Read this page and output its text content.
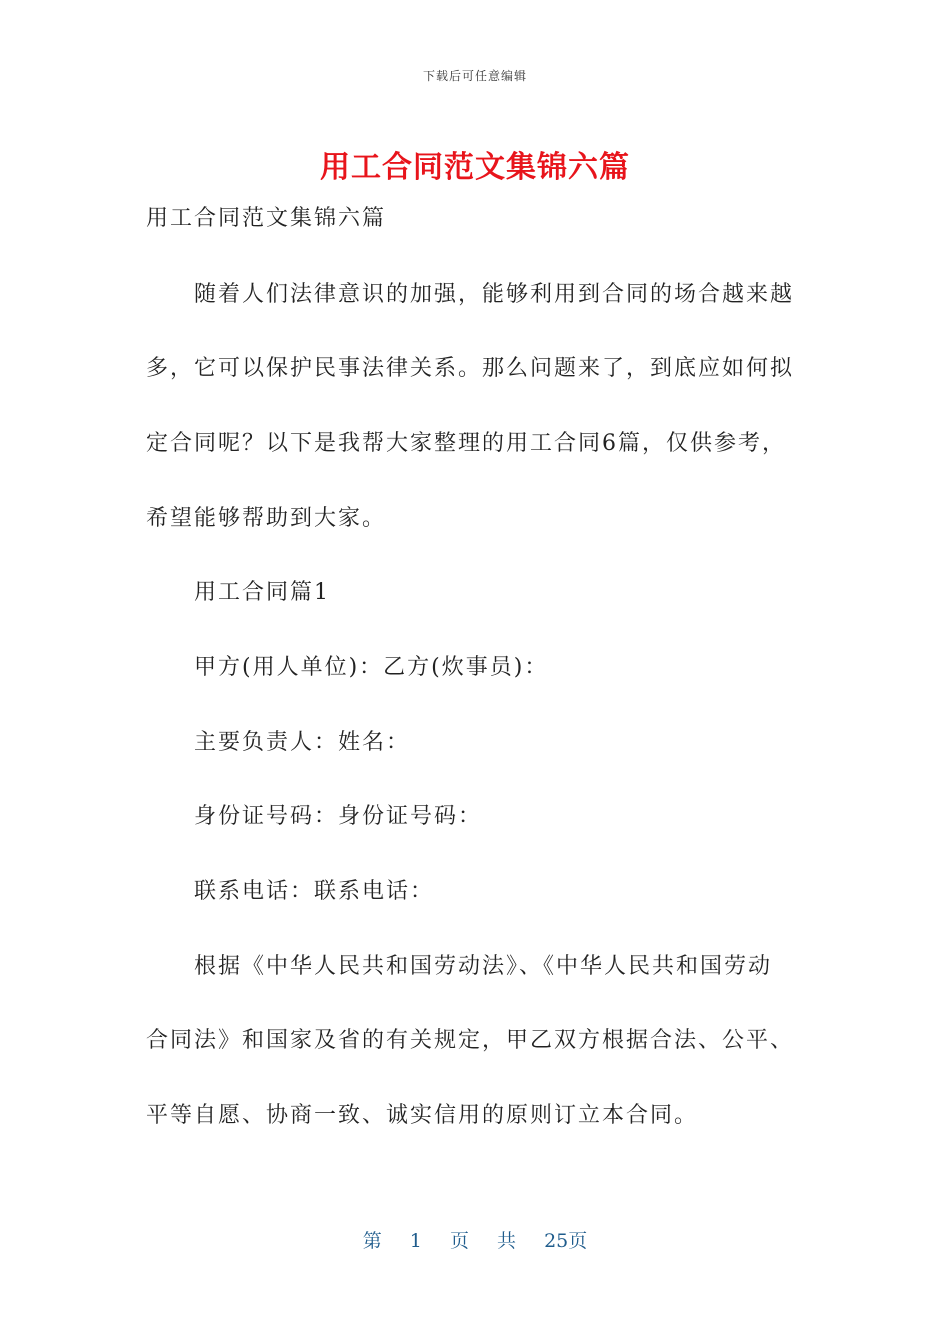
下载后可任意编辑
用工合同范文集锦六篇
用工合同范文集锦六篇
随着人们法律意识的加强，能够利用到合同的场合越来越
多，它可以保护民事法律关系。那么问题来了，到底应如何拟
定合同呢？以下是我帮大家整理的用工合同6篇，仅供参考，
希望能够帮助到大家。
用工合同篇1
甲方(用人单位)：乙方(炊事员)：
主要负责人：姓名：
身份证号码：身份证号码：
联系电话：联系电话：
根据《中华人民共和国劳动法》、《中华人民共和国劳动
合同法》和国家及省的有关规定，甲乙双方根据合法、公平、
平等自愿、协商一致、诚实信用的原则订立本合同。
第 1 页 共 25页
